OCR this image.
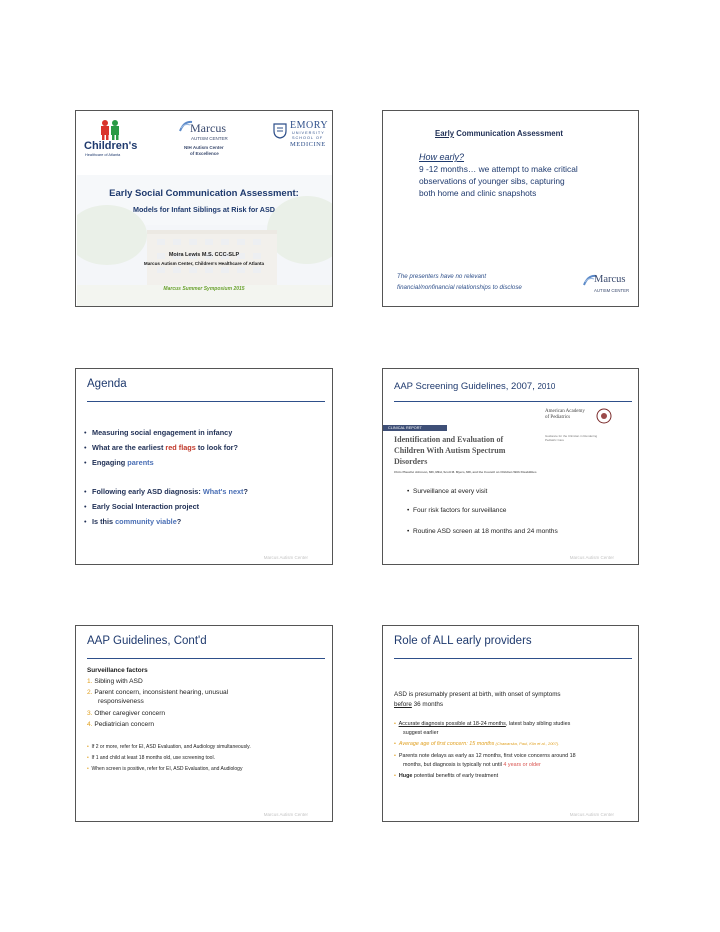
Children's
Healthcare of Atlanta
Marcus
AUTISM CENTER
NIH Autism Center
of Excellence
EMORY
UNIVERSITY
SCHOOL OF
MEDICINE
Early Social Communication Assessment:
Models for Infant Siblings at Risk for ASD
Moira Lewis M.S. CCC-SLP
Marcus Autism Center, Children's Healthcare of Atlanta
Marcus Summer Symposium 2015
Early Communication Assessment
How early?
9 -12 months… we attempt to make critical
observations of younger sibs, capturing
both home and clinic snapshots
The presenters have no relevant
financial/nonfinancial relationships to disclose
Marcus
AUTISM CENTER
Agenda
• Measuring social engagement in infancy
• What are the earliest red flags to look for?
• Engaging parents
• Following early ASD diagnosis: What's next?
• Early Social Interaction project
• Is this community viable?
Marcus Autism Center
AAP Screening Guidelines, 2007, 2010
CLINICAL REPORT
American Academy
of Pediatrics
Guidance for the Clinician in Rendering Pediatric Care
Identification and Evaluation of
Children With Autism Spectrum
Disorders
Chris Plauché Johnson, MD, MEd, Scott M. Myers, MD, and the Council on Children With Disabilities
•  Surveillance at every visit
•  Four risk factors for surveillance
•  Routine ASD screen at 18 months and 24 months
Marcus Autism Center
AAP Guidelines, Cont'd
Surveillance factors
1. Sibling with ASD
2. Parent concern, inconsistent hearing, unusual
responsiveness
3. Other caregiver concern
4. Pediatrician concern
• If 2 or more, refer for EI, ASD Evaluation, and Audiology simultaneously.
• If 1 and child at least 18 months old, use screening tool.
• When screen is positive, refer for EI, ASD Evaluation, and Audiology
Marcus Autism Center
Role of ALL early providers
ASD is presumably present at birth, with onset of symptoms
before 36 months
• Accurate diagnosis possible at 18-24 months, latest baby sibling studies
suggest earlier
• Average age of first concern: 15 months (Chawarska, Paul, Klin et al., 2007).
• Parents note delays as early as 12 months, first voice concerns around 18
months, but diagnosis is typically not until 4 years or older
• Huge potential benefits of early treatment
Marcus Autism Center
